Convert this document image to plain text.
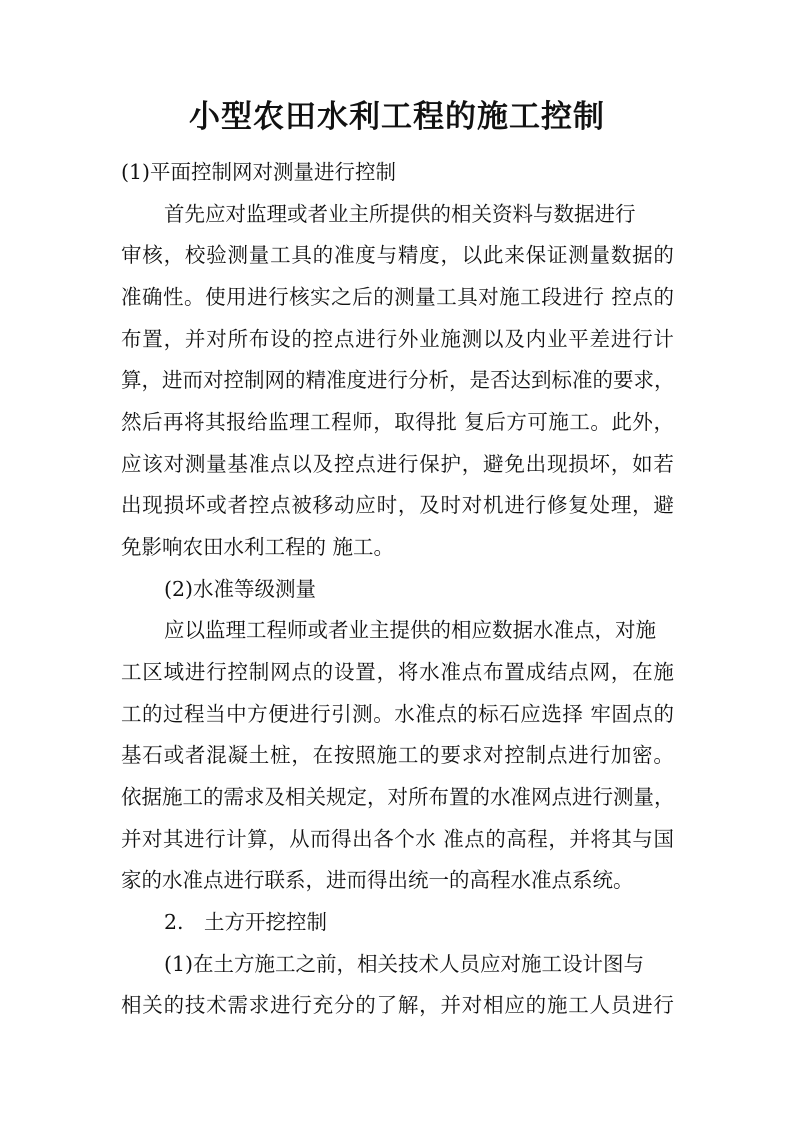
小型农田水利工程的施工控制
(1)平面控制网对测量进行控制
首先应对监理或者业主所提供的相关资料与数据进行
审 核 ， 校 验 测 量 工 具 的 准 度 与 精 度 ， 以 此 来 保 证 测 量 数 据 的
准 确 性 。 使 用 进 行 核 实 之 后 的 测 量 工 具 对 施 工 段 进 行
控 点 的
布 置 ， 并 对 所 布 设 的 控 点 进 行 外 业 施 测 以 及 内 业 平 差 进 行 计
算 ， 进 而 对 控 制 网 的 精 准 度 进 行 分 析 ， 是 否 达 到 标 准 的 要 求 ，
然 后 再 将 其 报 给 监 理 工 程 师 ， 取 得 批
复 后 方 可 施 工 。 此 外 ，
应 该 对 测 量 基 准 点 以 及 控 点 进 行 保 护 ， 避 免 出 现 损 坏 ， 如 若
出 现 损 坏 或 者 控 点 被 移 动 应 时 ， 及 时 对 机 进 行 修 复 处 理 ， 避
免影响农田水利工程的 施工。
(2)水准等级测量
应以监理工程师或者业主提供的相应数据水准点，对施
工 区 域 进 行 控 制 网 点 的 设 置 ， 将 水 准 点 布 置 成 结 点 网 ， 在 施
工 的 过 程 当 中 方 便 进 行 引 测 。 水 准 点 的 标 石 应 选 择
牢 固 点 的
基 石 或 者 混 凝 土 桩 ， 在 按 照 施 工 的 要 求 对 控 制 点 进 行 加 密 。
依 据 施 工 的 需 求 及 相 关 规 定 ， 对 所 布 置 的 水 准 网 点 进 行 测 量 ，
并 对 其 进 行 计 算 ， 从 而 得 出 各 个 水
准 点 的 高 程 ， 并 将 其 与 国
家的水准点进行联系，进而得出统一的高程水准点系统。
2.　土方开挖控制
(1)在土方施工之前，相关技术人员应对施工设计图与
相 关 的 技 术 需 求 进 行 充 分 的 了 解 ， 并 对 相 应 的 施 工 人 员 进 行
